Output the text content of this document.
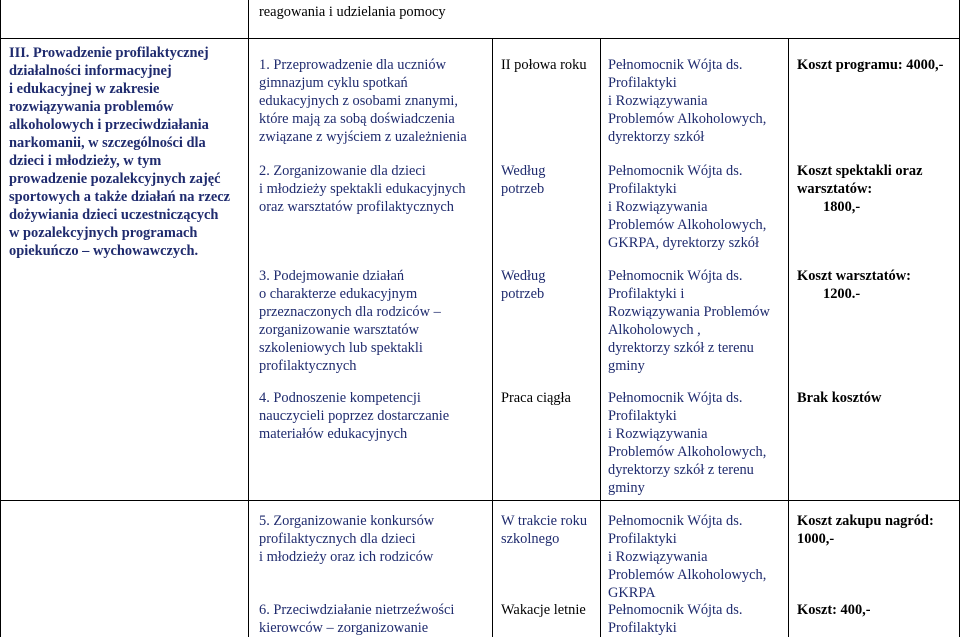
reagowania i udzielania pomocy

III. Prowadzenie profilaktycznej

działalności informacyjnej

i edukacyjnej w zakresie

rozwiązywania problemów

alkoholowych i przeciwdziałania

narkomanii, w szczególności dla

dzieci i młodzieży, w tym

prowadzenie pozalekcyjnych zajęć

sportowych a także działań na rzecz

dożywiania dzieci uczestniczących

w pozalekcyjnych programach

opiekuńczo – wychowawczych.

1. Przeprowadzenie dla uczniów

gimnazjum cyklu spotkań

edukacyjnych z osobami znanymi,

które mają za sobą doświadczenia

związane z wyjściem z uzależnienia

II połowa roku Pełnomocnik Wójta ds.

Profilaktyki

i Rozwiązywania

Problemów Alkoholowych,

dyrektorzy szkół

Koszt programu: 4000,-

2. Zorganizowanie dla dzieci

i młodzieży spektakli edukacyjnych

oraz warsztatów profilaktycznych

Według

potrzeb

Pełnomocnik Wójta ds.

Profilaktyki

i Rozwiązywania

Problemów Alkoholowych,

GKRPA, dyrektorzy szkół

Koszt spektakli oraz

warsztatów:

1800,-

3. Podejmowanie działań

o charakterze edukacyjnym

przeznaczonych dla rodziców –

zorganizowanie warsztatów

szkoleniowych lub spektakli

profilaktycznych

Według

potrzeb

Pełnomocnik Wójta ds.

Profilaktyki i

Rozwiązywania Problemów

Alkoholowych ,

dyrektorzy szkół z terenu

gminy

Koszt warsztatów:

1200.-

4. Podnoszenie kompetencji

nauczycieli poprzez dostarczanie

materiałów edukacyjnych

Praca ciągła	Pełnomocnik Wójta ds.

Profilaktyki

i Rozwiązywania

Problemów Alkoholowych,

dyrektorzy szkół z terenu

gminy

Brak kosztów

5. Zorganizowanie konkursów

profilaktycznych dla dzieci

i młodzieży oraz ich rodziców

W trakcie roku

szkolnego

Pełnomocnik Wójta ds.

Profilaktyki

i Rozwiązywania

Problemów Alkoholowych,

GKRPA

Koszt zakupu nagród:

1000,-

6. Przeciwdziałanie nietrzeźwości

kierowców – zorganizowanie

Wakacje letnie Pełnomocnik Wójta ds.

Profilaktyki

Koszt: 400,-
